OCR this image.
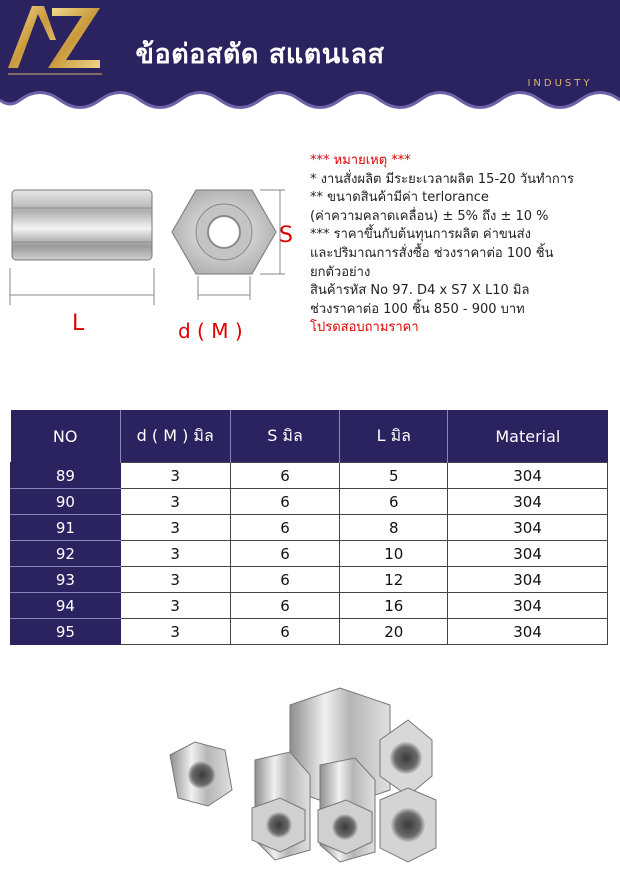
ข้อต่อสตัด สแตนเลส
INDUSTY
L
S
d ( M )
*** หมายเหตุ ***
* งานสั่งผลิต มีระยะเวลาผลิต 15-20 วันทำการ
** ขนาดสินค้ามีค่า terlorance
(ค่าความคลาดเคลื่อน) ± 5% ถึง ± 10 %
*** ราคาขึ้นกับต้นทุนการผลิต ค่าขนส่ง
และปริมาณการสั่งซื้อ ช่วงราคาต่อ 100 ชิ้น
ยกตัวอย่าง
สินค้ารหัส No 97. D4 x S7 X L10 มิล
ช่วงราคาต่อ 100 ชิ้น 850 - 900 บาท
โปรดสอบถามราคา
NO	d ( M ) มิล	S มิล	L มิล	Material
89	3	6	5	304
90	3	6	6	304
91	3	6	8	304
92	3	6	10	304
93	3	6	12	304
94	3	6	16	304
95	3	6	20	304
